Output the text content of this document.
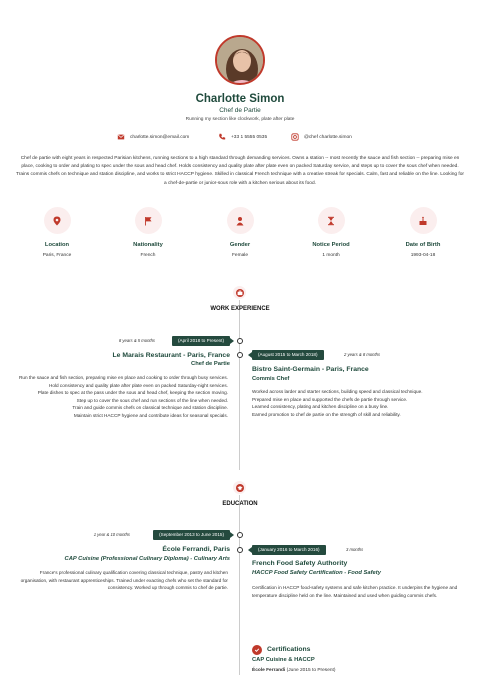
Charlotte Simon
Chef de Partie
Running my section like clockwork, plate after plate
charlotte.simon@email.com	+33 1 5555 0535	@chef charlotte.simon
Chef de partie with eight years in respected Parisian kitchens, running sections to a high standard through demanding services. Owns a station -- most recently the sauce and fish section -- preparing mise en place, cooking to order and plating to spec under the sous and head chef. Holds consistency and quality plate after plate even on packed Saturday service, and steps up to cover the sous chef when needed. Trains commis chefs on technique and station discipline, and works to strict HACCP hygiene. Skilled in classical French technique with a creative streak for specials. Calm, fast and reliable on the line. Looking for a chef-de-partie or junior-sous role with a kitchen serious about its food.
Location
Paris, France
Nationality
French
Gender
Female
Notice Period
1 month
Date of Birth
1993-04-18
WORK EXPERIENCE
8 years & 5 months	(April 2018 to Present)
Le Marais Restaurant - Paris, France
Chef de Partie
Run the sauce and fish section, preparing mise en place and cooking to order through busy services.
Hold consistency and quality plate after plate even on packed Saturday-night services.
Plate dishes to spec at the pass under the sous and head chef, keeping the section moving.
Step up to cover the sous chef and run sections of the line when needed.
Train and guide commis chefs on classical technique and station discipline.
Maintain strict HACCP hygiene and contribute ideas for seasonal specials.
(August 2015 to March 2018)	2 years & 8 months
Bistro Saint-Germain - Paris, France
Commis Chef
Worked across larder and starter sections, building speed and classical technique.
Prepared mise en place and supported the chefs de partie through service.
Learned consistency, plating and kitchen discipline on a busy line.
Earned promotion to chef de partie on the strength of skill and reliability.
EDUCATION
1 year & 10 months	(September 2013 to June 2015)
École Ferrandi, Paris
CAP Cuisine (Professional Culinary Diploma) - Culinary Arts
France's professional culinary qualification covering classical technique, pastry and kitchen organisation, with restaurant apprenticeships. Trained under exacting chefs who set the standard for consistency. Worked up through commis to chef de partie.
(January 2016 to March 2016)	3 months
French Food Safety Authority
HACCP Food Safety Certification - Food Safety
Certification in HACCP food-safety systems and safe kitchen practice. It underpins the hygiene and temperature discipline held on the line. Maintained and used when guiding commis chefs.
Certifications
CAP Cuisine & HACCP
École Ferrandi (June 2015 to Present)
